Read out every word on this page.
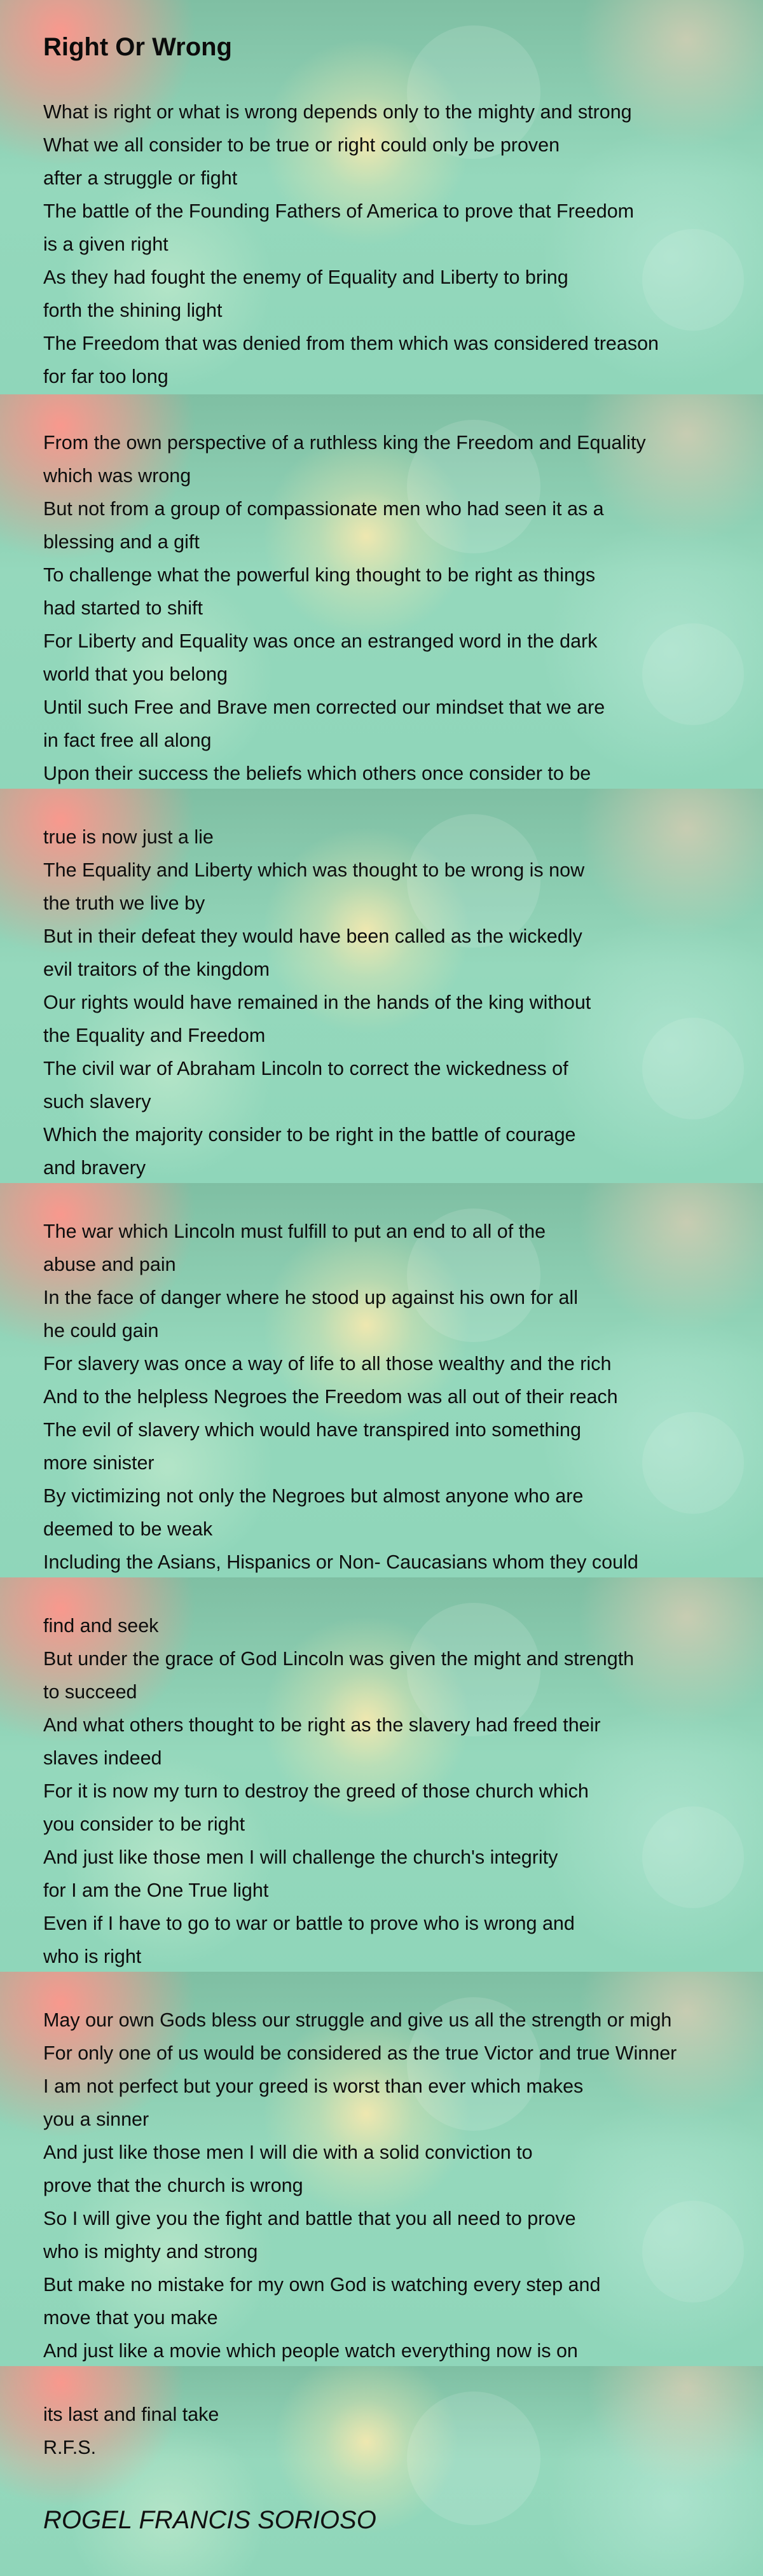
Right Or Wrong
What is right or what is wrong depends only to the mighty and strong
What we all consider to be true or right could only be proven
after a struggle or fight
The battle of the Founding Fathers of America to prove that Freedom
is a given right
As they had fought the enemy of Equality and Liberty to bring
forth the shining light
The Freedom that was denied from them which was considered treason
for far too long
From the own perspective of a ruthless king the Freedom and Equality
which was wrong
But not from a group of compassionate men who had seen it as a
blessing and a gift
To challenge what the powerful king thought to be right as things
had started to shift
For Liberty and Equality was once an estranged word in the dark
world that you belong
Until such Free and Brave men corrected our mindset that we are
in fact free all along
Upon their success the beliefs which others once consider to be
true is now just a lie
The Equality and Liberty which was thought to be wrong is now
the truth we live by
But in their defeat they would have been called as the wickedly
evil traitors of the kingdom
Our rights would have remained in the hands of the king without
the Equality and Freedom
The civil war of Abraham Lincoln to correct the wickedness of
such slavery
Which the majority consider to be right in the battle of courage
and bravery
The war which Lincoln must fulfill to put an end to all of the
abuse and pain
In the face of danger where he stood up against his own for all
he could gain
For slavery was once a way of life to all those wealthy and the rich
And to the helpless Negroes the Freedom was all out of their reach
The evil of slavery which would have transpired into something
more sinister
By victimizing not only the Negroes but almost anyone who are
deemed to be weak
Including the Asians, Hispanics or Non- Caucasians whom they could
find and seek
But under the grace of God Lincoln was given the might and strength
to succeed
And what others thought to be right as the slavery had freed their
slaves indeed
For it is now my turn to destroy the greed of those church which
you consider to be right
And just like those men I will challenge the church's integrity
for I am the One True light
Even if I have to go to war or battle to prove who is wrong and
who is right
May our own Gods bless our struggle and give us all the strength or migh
For only one of us would be considered as the true Victor and true Winner
I am not perfect but your greed is worst than ever which makes
you a sinner
And just like those men I will die with a solid conviction to
prove that the church is wrong
So I will give you the fight and battle that you all need to prove
who is mighty and strong
But make no mistake for my own God is watching every step and
move that you make
And just like a movie which people watch everything now is on
its last and final take
R.F.S.

ROGEL FRANCIS SORIOSO
